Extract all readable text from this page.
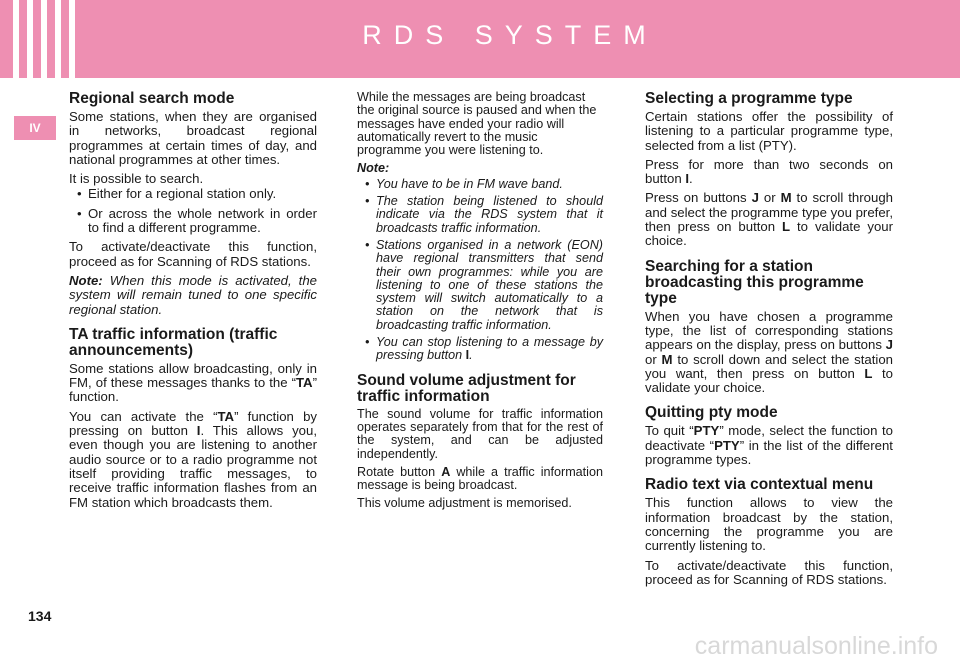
RDS SYSTEM
IV
Regional search mode

Some stations, when they are organised in networks, broadcast regional programmes at certain times of day, and national programmes at other times.

It is possible to search.

• Either for a regional station only.
• Or across the whole network in order to find a different programme.

To activate/deactivate this function, proceed as for Scanning of RDS stations.

Note: When this mode is activated, the system will remain tuned to one specific regional station.

TA traffic information (traffic announcements)

Some stations allow broadcasting, only in FM, of these messages thanks to the “TA” function.

You can activate the “TA” function by pressing on button I. This allows you, even though you are listening to another audio source or to a radio programme not itself providing traffic messages, to receive traffic information flashes from an FM station which broadcasts them.

While the messages are being broadcast the original source is paused and when the messages have ended your radio will automatically revert to the music programme you were listening to.

Note:

• You have to be in FM wave band.
• The station being listened to should indicate via the RDS system that it broadcasts traffic information.
• Stations organised in a network (EON) have regional transmitters that send their own programmes: while you are listening to one of these stations the system will switch automatically to a station on the network that is broadcasting traffic information.
• You can stop listening to a message by pressing button I.
Sound volume adjustment for traffic information

The sound volume for traffic information operates separately from that for the rest of the system, and can be adjusted independently.

Rotate button A while a traffic information message is being broadcast.

This volume adjustment is memorised.

Selecting a programme type

Certain stations offer the possibility of listening to a particular programme type, selected from a list (PTY).

Press for more than two seconds on button I.

Press on buttons J or M to scroll through and select the programme type you prefer, then press on button L to validate your choice.

Searching for a station broadcasting this programme type

When you have chosen a programme type, the list of corresponding stations appears on the display, press on buttons J or M to scroll down and select the station you want, then press on button L to validate your choice.

Quitting pty mode

To quit “PTY” mode, select the function to deactivate “PTY” in the list of the different programme types.

Radio text via contextual menu

This function allows to view the information broadcast by the station, concerning the programme you are currently listening to.

To activate/deactivate this function, proceed as for Scanning of RDS stations.

134
carmanualsonline.info
